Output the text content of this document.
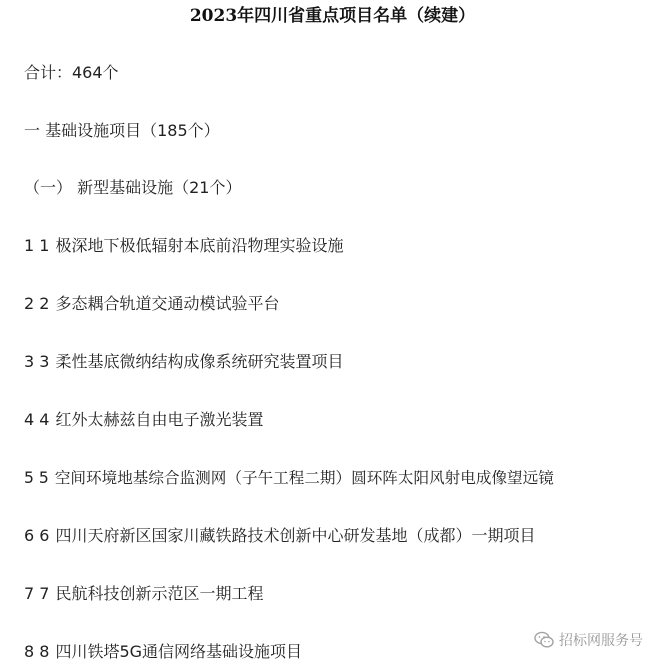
2023年四川省重点项目名单（续建）
合计：464个
一 基础设施项目（185个）
（一） 新型基础设施（21个）
1 1 极深地下极低辐射本底前沿物理实验设施
2 2 多态耦合轨道交通动模试验平台
3 3 柔性基底微纳结构成像系统研究装置项目
4 4 红外太赫兹自由电子激光装置
5 5 空间环境地基综合监测网（子午工程二期）圆环阵太阳风射电成像望远镜
6 6 四川天府新区国家川藏铁路技术创新中心研发基地（成都）一期项目
7 7 民航科技创新示范区一期工程
8 8 四川铁塔5G通信网络基础设施项目
招标网服务号
